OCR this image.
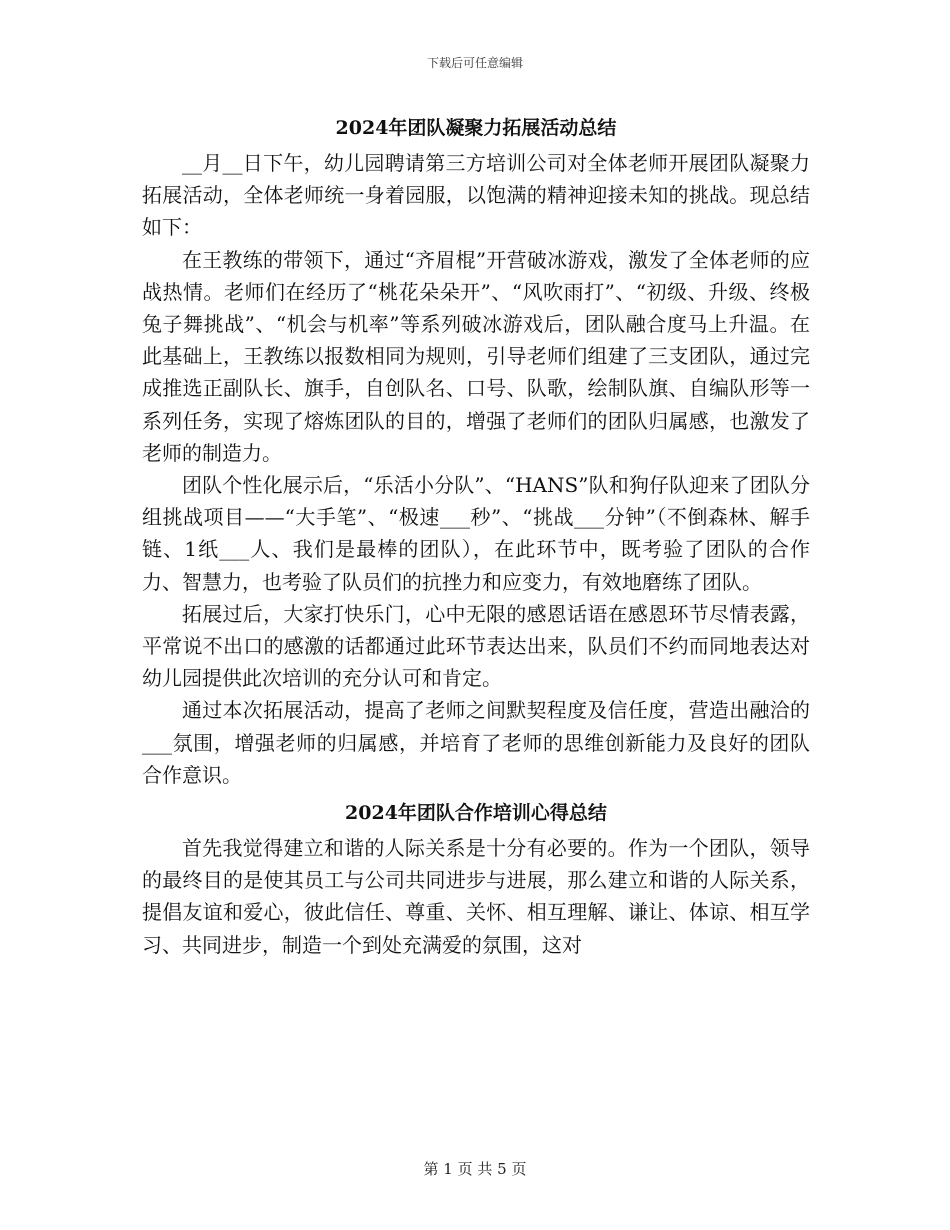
下载后可任意编辑
2024年团队凝聚力拓展活动总结

__月__日下午，幼儿园聘请第三方培训公司对全体老师开展团队凝聚力拓展活动，全体老师统一身着园服，以饱满的精神迎接未知的挑战。现总结如下：

在王教练的带领下，通过“齐眉棍”开营破冰游戏，激发了全体老师的应战热情。老师们在经历了“桃花朵朵开”、“风吹雨打”、“初级、升级、终极兔子舞挑战”、“机会与机率”等系列破冰游戏后，团队融合度马上升温。在此基础上，王教练以报数相同为规则，引导老师们组建了三支团队，通过完成推选正副队长、旗手，自创队名、口号、队歌，绘制队旗、自编队形等一系列任务，实现了熔炼团队的目的，增强了老师们的团队归属感，也激发了老师的制造力。

团队个性化展示后，“乐活小分队”、“HANS”队和狗仔队迎来了团队分组挑战项目——“大手笔”、“极速___秒”、“挑战___分钟”（不倒森林、解手链、1纸___人、我们是最棒的团队），在此环节中，既考验了团队的合作力、智慧力，也考验了队员们的抗挫力和应变力，有效地磨练了团队。

拓展过后，大家打快乐门，心中无限的感恩话语在感恩环节尽情表露，平常说不出口的感激的话都通过此环节表达出来，队员们不约而同地表达对幼儿园提供此次培训的充分认可和肯定。

通过本次拓展活动，提高了老师之间默契程度及信任度，营造出融洽的___氛围，增强老师的归属感，并培育了老师的思维创新能力及良好的团队合作意识。

2024年团队合作培训心得总结

首先我觉得建立和谐的人际关系是十分有必要的。作为一个团队，领导的最终目的是使其员工与公司共同进步与进展，那么建立和谐的人际关系，提倡友谊和爱心，彼此信任、尊重、关怀、相互理解、谦让、体谅、相互学习、共同进步，制造一个到处充满爱的氛围，这对

第 1 页 共 5 页
